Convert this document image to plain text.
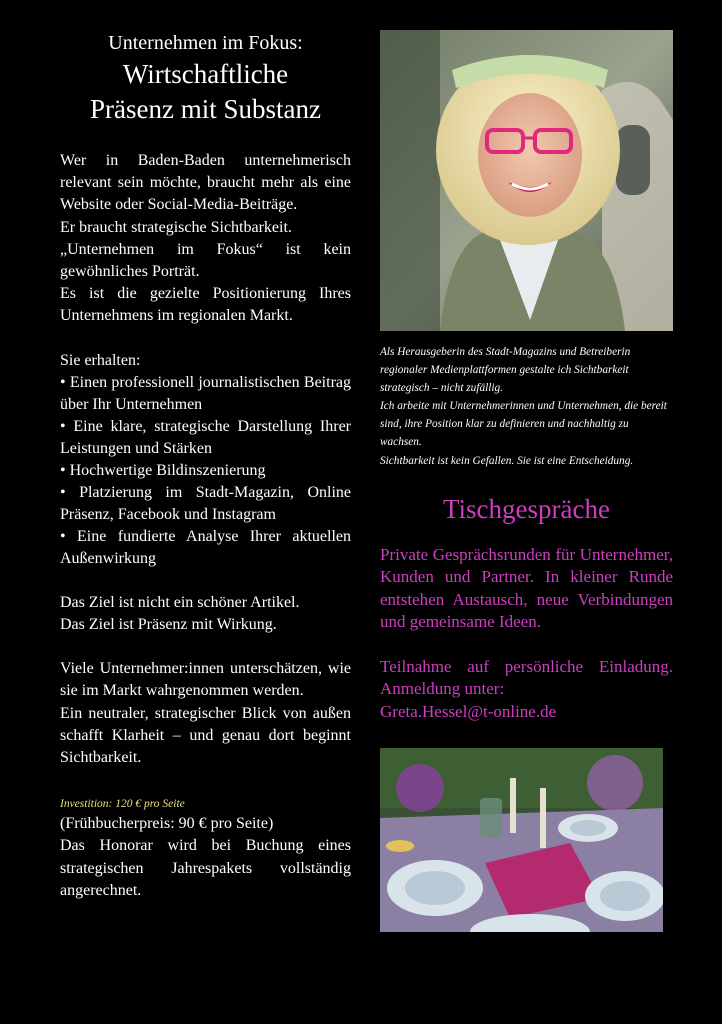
Unternehmen im Fokus:
Wirtschaftliche
Präsenz mit Substanz

Wer in Baden-Baden unternehmerisch relevant sein möchte, braucht mehr als eine Website oder Social-Media-Beiträge.

Er braucht strategische Sichtbarkeit.

„Unternehmen im Fokus“ ist kein gewöhnliches Porträt.

Es ist die gezielte Positionierung Ihres Unternehmens im regionalen Markt.

Sie erhalten:

• Einen professionell journalistischen Beitrag über Ihr Unternehmen
• Eine klare, strategische Darstellung Ihrer Leistungen und Stärken
• Hochwertige Bildinszenierung
• Platzierung im Stadt-Magazin, Online Präsenz, Facebook und Instagram
• Eine fundierte Analyse Ihrer aktuellen Außenwirkung

Das Ziel ist nicht ein schöner Artikel.

Das Ziel ist Präsenz mit Wirkung.

Viele Unternehmer:innen unterschätzen, wie sie im Markt wahrgenommen werden.

Ein neutraler, strategischer Blick von außen schafft Klarheit – und genau dort beginnt Sichtbarkeit.

Investition: 120 € pro Seite

(Frühbucherpreis: 90 € pro Seite)

Das Honorar wird bei Buchung eines strategischen Jahrespakets vollständig angerechnet.

Als Herausgeberin des Stadt-Magazins und Betreiberin regionaler Medienplattformen gestalte ich Sichtbarkeit strategisch – nicht zufällig.

Ich arbeite mit Unternehmerinnen und Unternehmen, die bereit sind, ihre Position klar zu definieren und nachhaltig zu wachsen.

Sichtbarkeit ist kein Gefallen. Sie ist eine Entscheidung.

Tischgespräche
Private Gesprächsrunden für Unternehmer, Kunden und Partner. In kleiner Runde entstehen Austausch, neue Verbindungen und gemeinsame Ideen.

Teilnahme auf persönliche Einladung. Anmeldung unter:

Greta.Hessel@t-online.de
